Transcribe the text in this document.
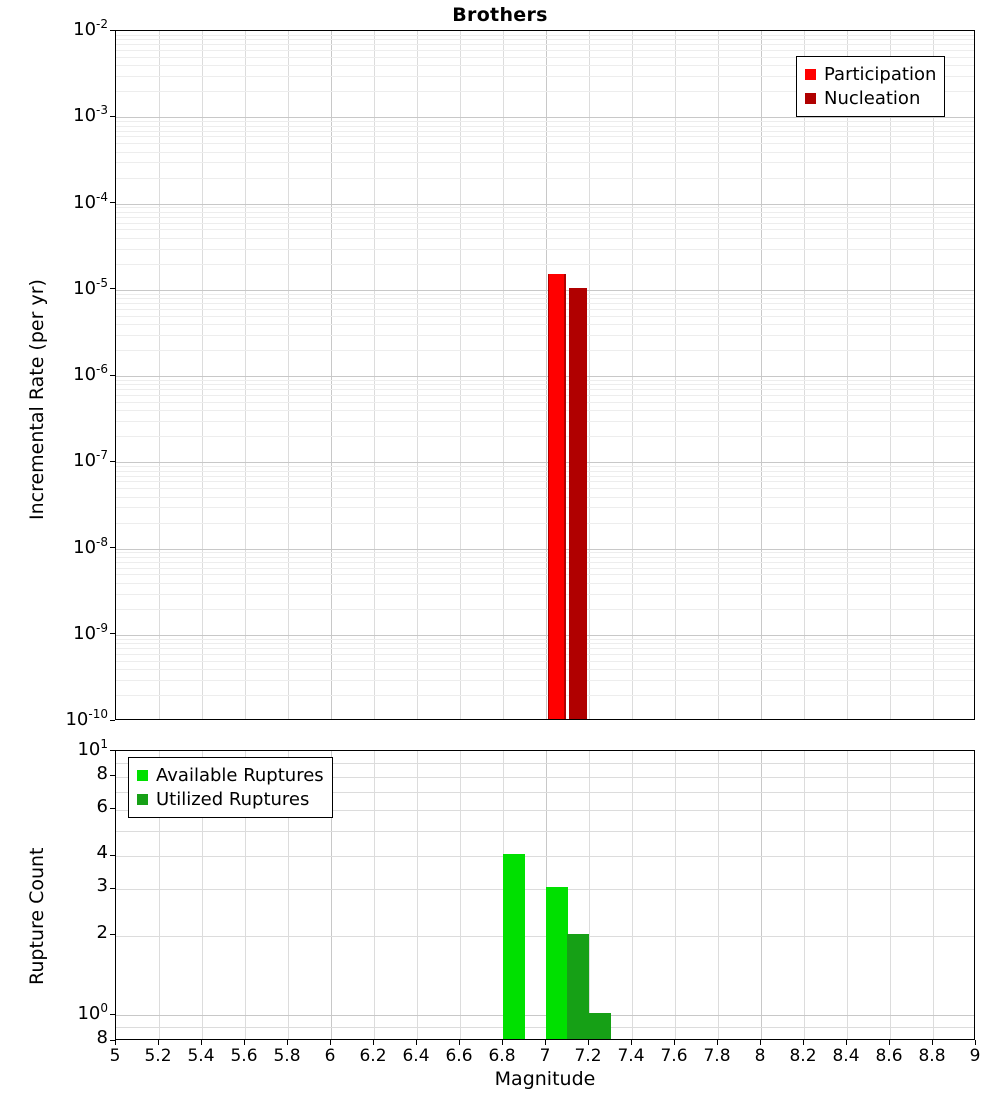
Brothers
Incremental Rate (per yr)
Rupture Count
Magnitude
Participation
Nucleation
Available Ruptures
Utilized Ruptures
$10^{-2}$
$10^{-3}$
$10^{-4}$
$10^{-5}$
$10^{-6}$
$10^{-7}$
$10^{-8}$
$10^{-9}$
$10^{-10}$
$10^1$
8
6
4
3
2
$10^0$
8
5	5.2 5.4 5.6 5.8	6	6.2 6.4 6.6 6.8	7	7.2 7.4 7.6 7.8	8	8.2 8.4 8.6 8.8	9
